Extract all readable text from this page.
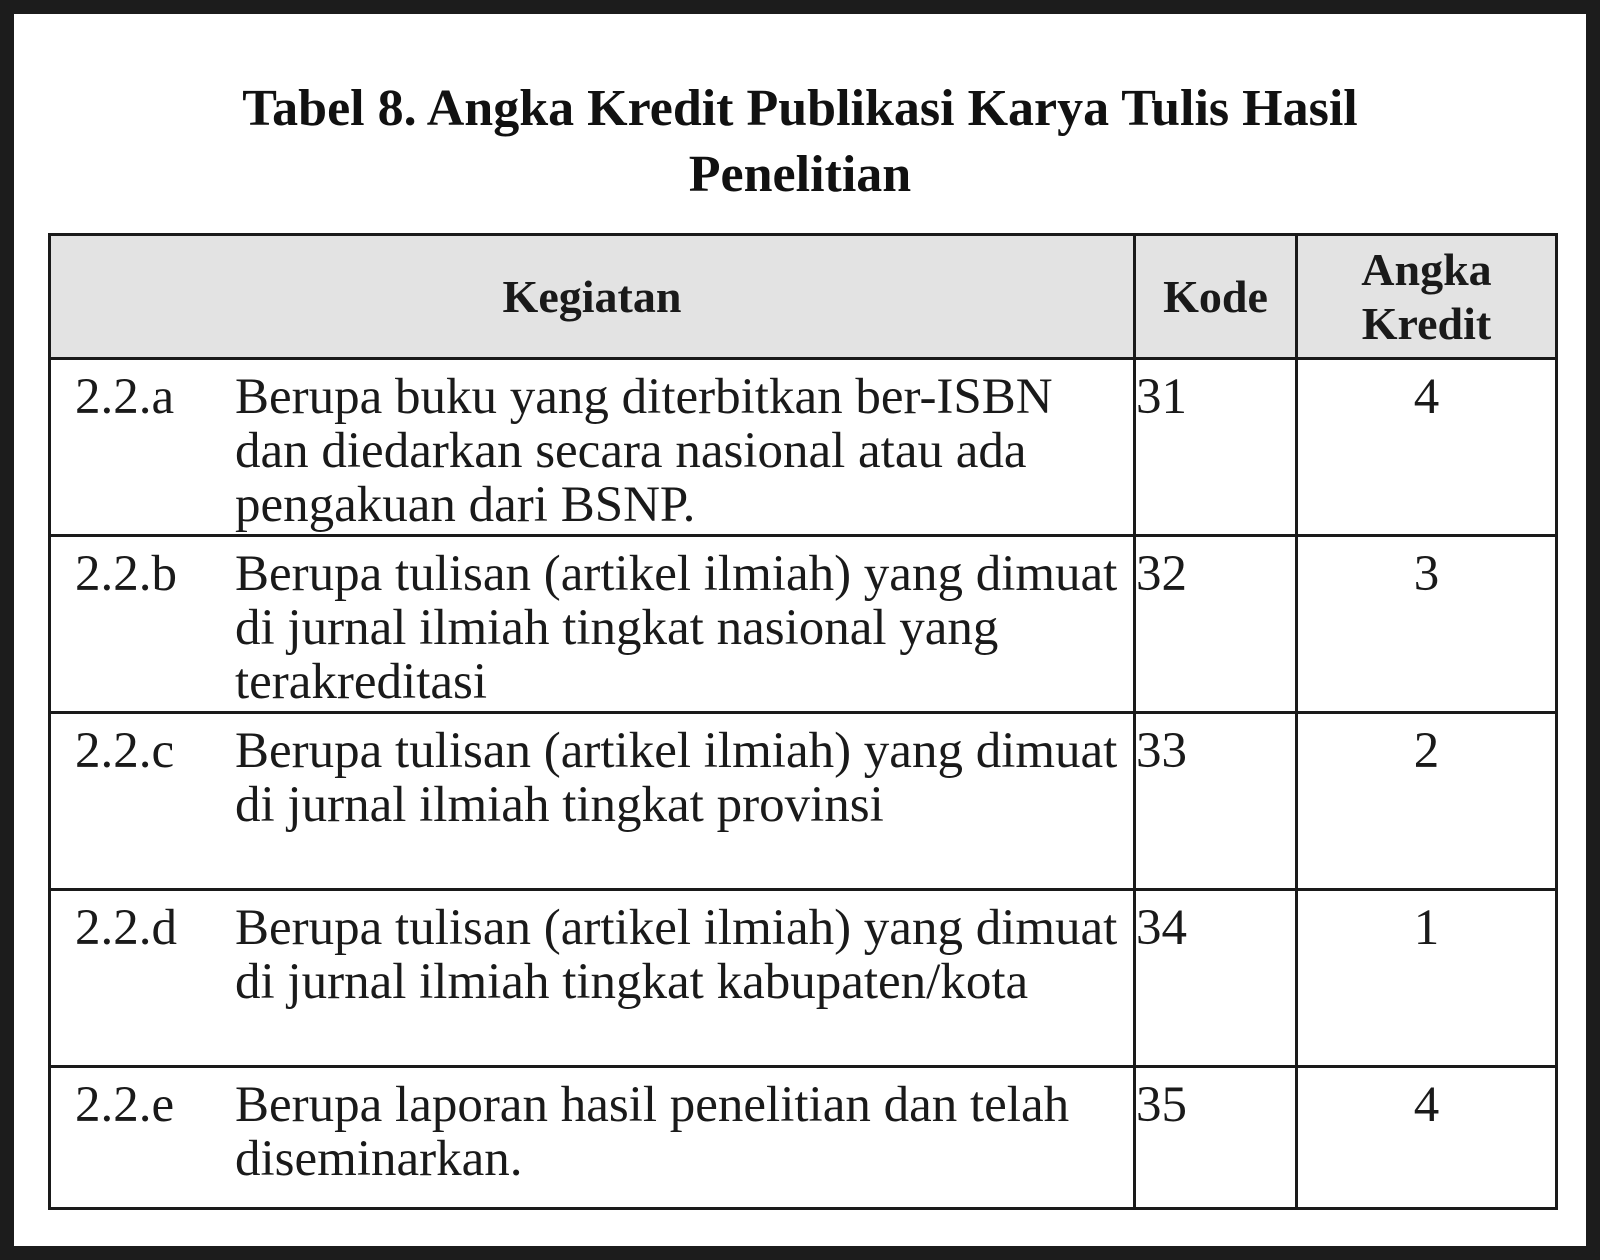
Tabel 8. Angka Kredit Publikasi Karya Tulis Hasil
Penelitian
Kegiatan	Kode	Angka
Kredit

2.2.a Berupa buku yang diterbitkan ber-ISBN dan diedarkan secara nasional atau ada pengakuan dari BSNP.	31	4

2.2.b Berupa tulisan (artikel ilmiah) yang dimuat di jurnal ilmiah tingkat nasional yang terakreditasi	32	3

2.2.c Berupa tulisan (artikel ilmiah) yang dimuat di jurnal ilmiah tingkat provinsi	33	2

2.2.d Berupa tulisan (artikel ilmiah) yang dimuat di jurnal ilmiah tingkat kabupaten/kota	34	1

2.2.e Berupa laporan hasil penelitian dan telah diseminarkan.	35	4
